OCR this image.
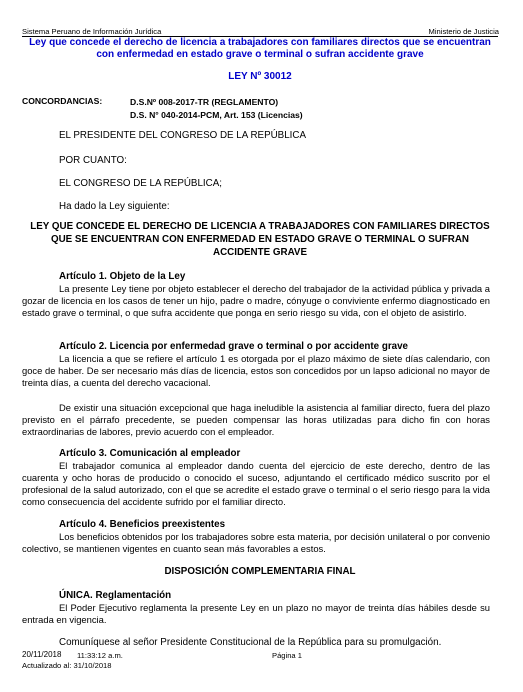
Sistema Peruano de Información Jurídica	Ministerio de Justicia
Ley que concede el derecho de licencia a trabajadores con familiares directos que se encuentran
con enfermedad en estado grave o terminal o sufran accidente grave
LEY Nº 30012
CONCORDANCIAS:	D.S.Nº 008-2017-TR (REGLAMENTO)
D.S. N° 040-2014-PCM, Art. 153 (Licencias)
EL PRESIDENTE DEL CONGRESO DE LA REPÚBLICA
POR CUANTO:
EL CONGRESO DE LA REPÚBLICA;
Ha dado la Ley siguiente:
LEY QUE CONCEDE EL DERECHO DE LICENCIA A TRABAJADORES CON FAMILIARES DIRECTOS
QUE SE ENCUENTRAN CON ENFERMEDAD EN ESTADO GRAVE O TERMINAL O SUFRAN
ACCIDENTE GRAVE
Artículo 1. Objeto de la Ley
La presente Ley tiene por objeto establecer el derecho del trabajador de la actividad pública y privada a gozar de licencia en los casos de tener un hijo, padre o madre, cónyuge o conviviente enfermo diagnosticado en estado grave o terminal, o que sufra accidente que ponga en serio riesgo su vida, con el objeto de asistirlo.
Artículo 2. Licencia por enfermedad grave o terminal o por accidente grave
La licencia a que se refiere el artículo 1 es otorgada por el plazo máximo de siete días calendario, con goce de haber. De ser necesario más días de licencia, estos son concedidos por un lapso adicional no mayor de treinta días, a cuenta del derecho vacacional.
De existir una situación excepcional que haga ineludible la asistencia al familiar directo, fuera del plazo previsto en el párrafo precedente, se pueden compensar las horas utilizadas para dicho fin con horas extraordinarias de labores, previo acuerdo con el empleador.
Artículo 3. Comunicación al empleador
El trabajador comunica al empleador dando cuenta del ejercicio de este derecho, dentro de las cuarenta y ocho horas de producido o conocido el suceso, adjuntando el certificado médico suscrito por el profesional de la salud autorizado, con el que se acredite el estado grave o terminal o el serio riesgo para la vida como consecuencia del accidente sufrido por el familiar directo.
Artículo 4. Beneficios preexistentes
Los beneficios obtenidos por los trabajadores sobre esta materia, por decisión unilateral o por convenio colectivo, se mantienen vigentes en cuanto sean más favorables a estos.
DISPOSICIÓN COMPLEMENTARIA FINAL
ÚNICA. Reglamentación
El Poder Ejecutivo reglamenta la presente Ley en un plazo no mayor de treinta días hábiles desde su entrada en vigencia.
Comuníquese al señor Presidente Constitucional de la República para su promulgación.
20/11/2018 11:33:12 a.m.	Página 1
Actualizado al: 31/10/2018
